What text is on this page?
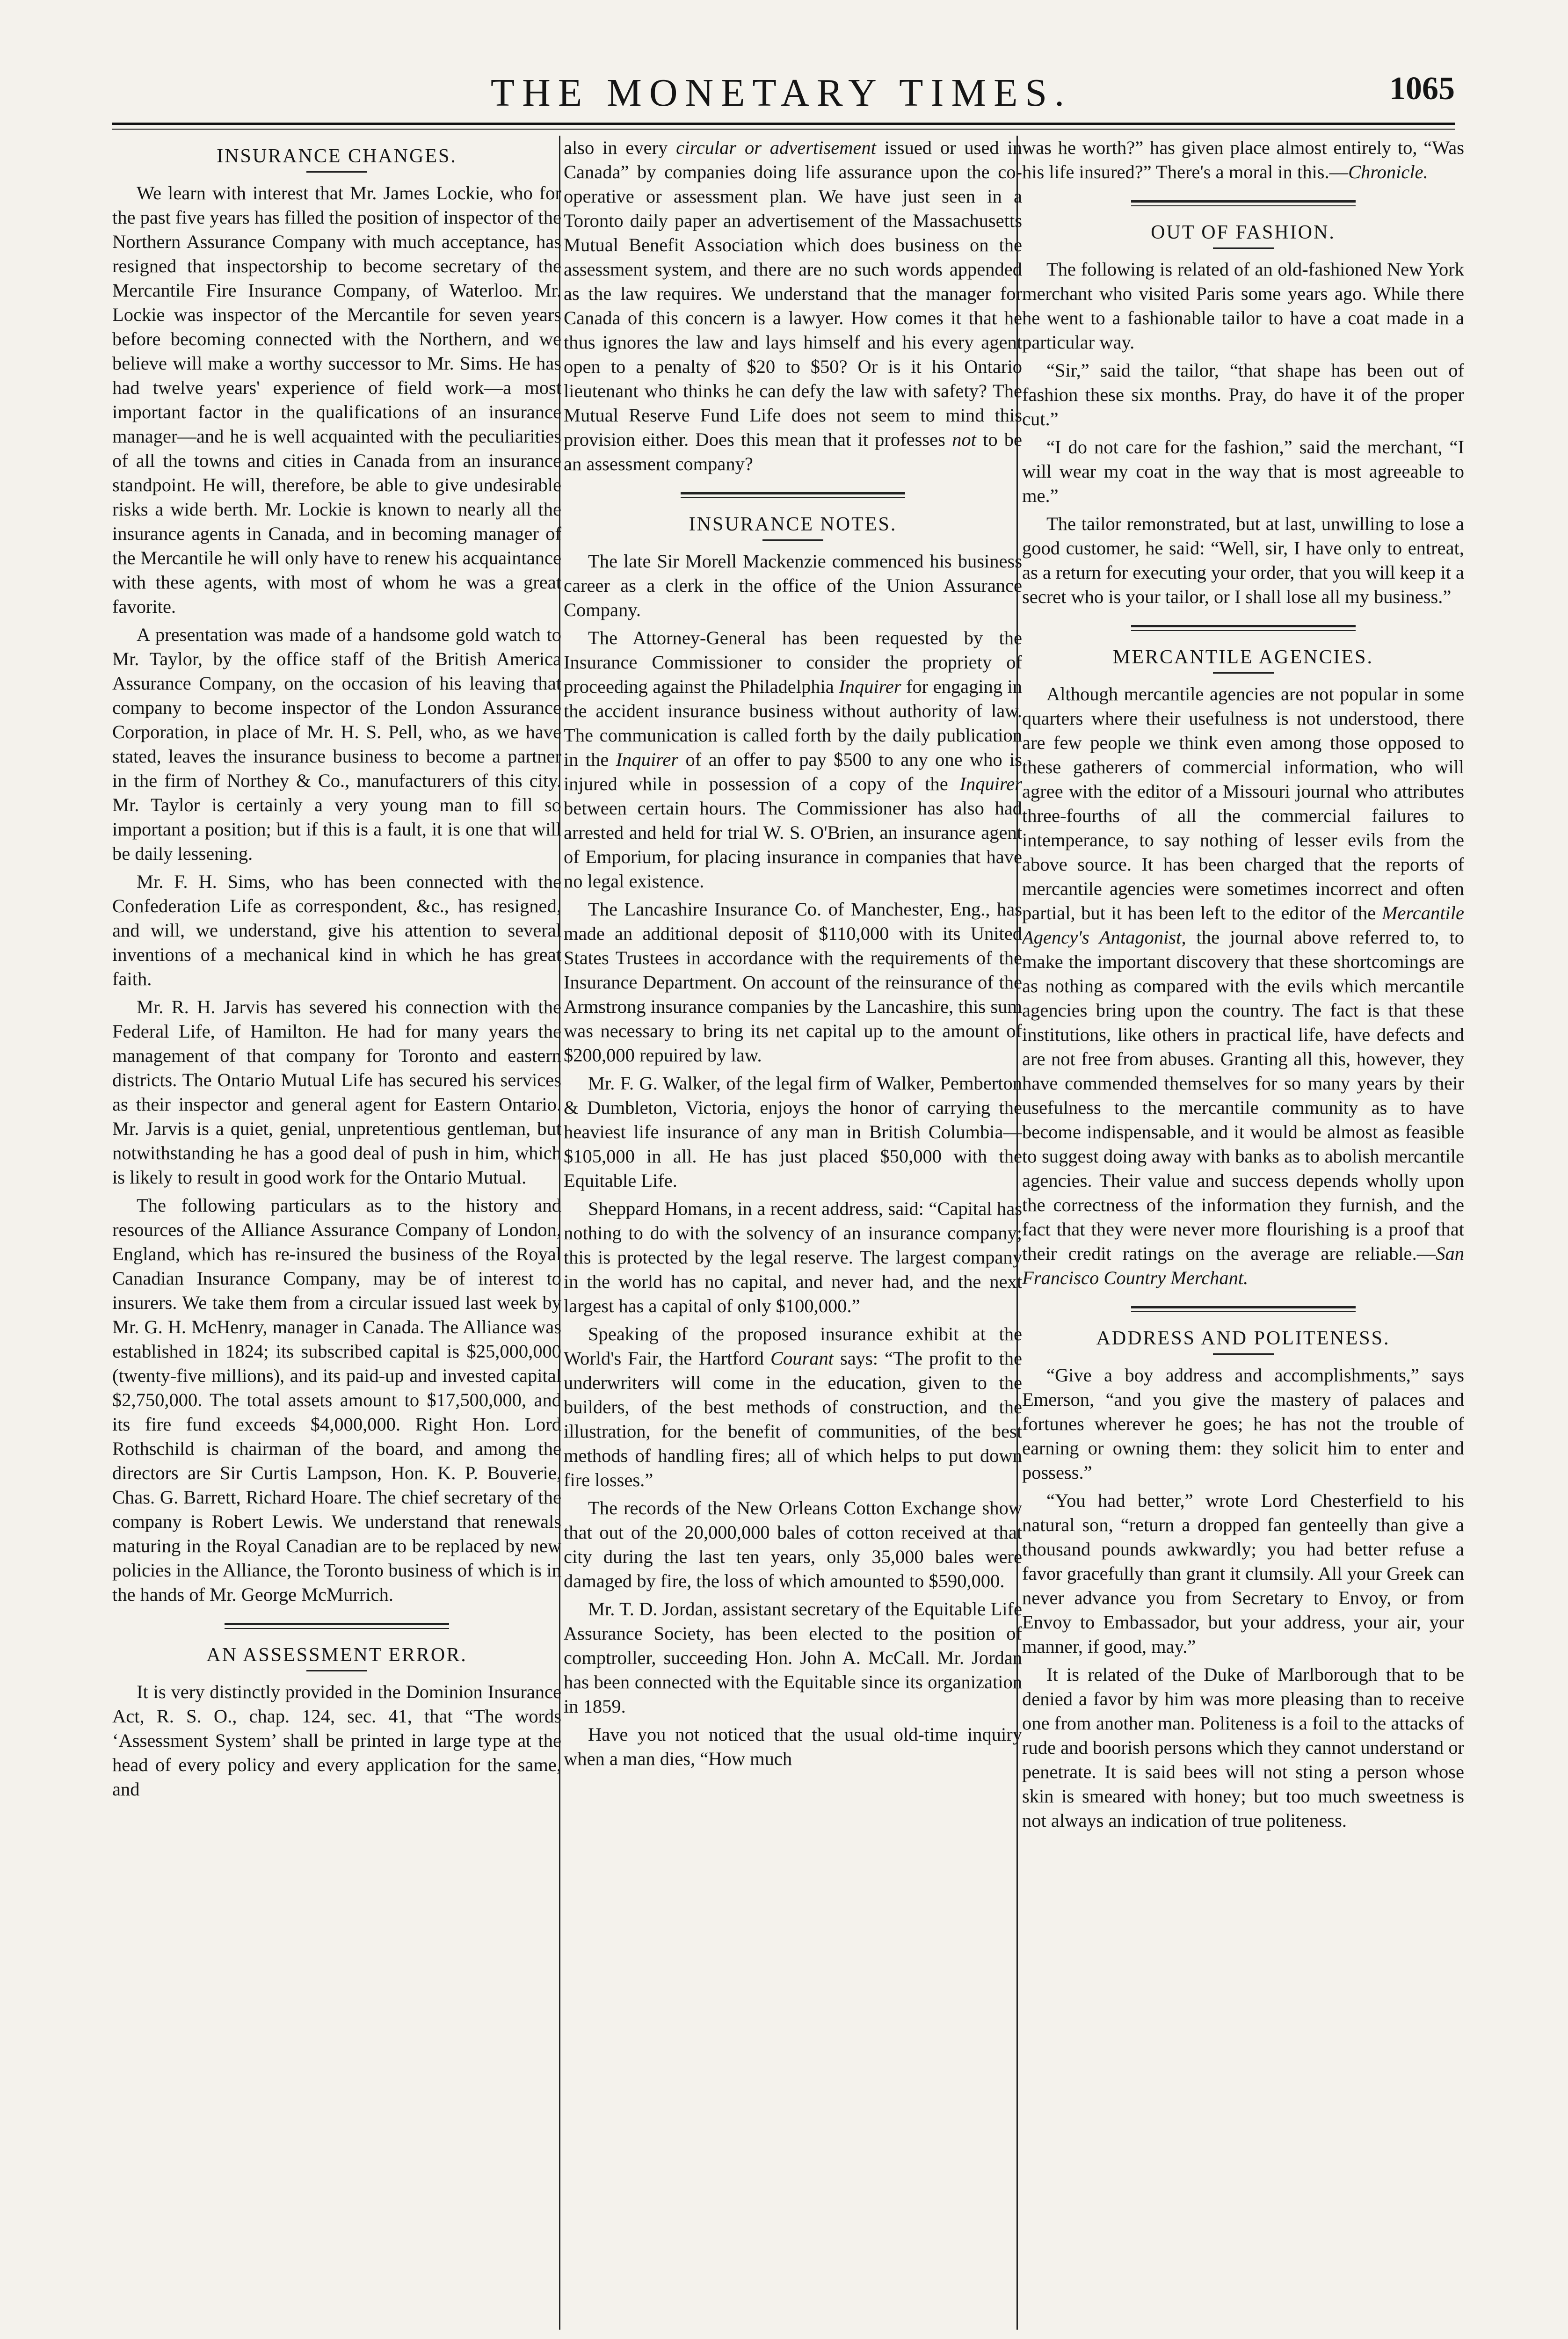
THE MONETARY TIMES.	1065
INSURANCE CHANGES.

We learn with interest that Mr. James Lockie, who for the past five years has filled the position of inspector of the Northern Assurance Company with much acceptance, has resigned that inspectorship to become secretary of the Mercantile Fire Insurance Company, of Waterloo. Mr. Lockie was inspector of the Mercantile for seven years before becoming connected with the Northern, and we believe will make a worthy successor to Mr. Sims. He has had twelve years' experience of field work—a most important factor in the qualifications of an insurance manager—and he is well acquainted with the peculiarities of all the towns and cities in Canada from an insurance standpoint. He will, therefore, be able to give undesirable risks a wide berth. Mr. Lockie is known to nearly all the insurance agents in Canada, and in becoming manager of the Mercantile he will only have to renew his acquaintance with these agents, with most of whom he was a great favorite.

A presentation was made of a handsome gold watch to Mr. Taylor, by the office staff of the British America Assurance Company, on the occasion of his leaving that company to become inspector of the London Assurance Corporation, in place of Mr. H. S. Pell, who, as we have stated, leaves the insurance business to become a partner in the firm of Northey & Co., manufacturers of this city. Mr. Taylor is certainly a very young man to fill so important a position; but if this is a fault, it is one that will be daily lessening.

Mr. F. H. Sims, who has been connected with the Confederation Life as correspondent, &c., has resigned, and will, we understand, give his attention to several inventions of a mechanical kind in which he has great faith.

Mr. R. H. Jarvis has severed his connection with the Federal Life, of Hamilton. He had for many years the management of that company for Toronto and eastern districts. The Ontario Mutual Life has secured his services as their inspector and general agent for Eastern Ontario. Mr. Jarvis is a quiet, genial, unpretentious gentleman, but notwithstanding he has a good deal of push in him, which is likely to result in good work for the Ontario Mutual.

The following particulars as to the history and resources of the Alliance Assurance Company of London, England, which has re-insured the business of the Royal Canadian Insurance Company, may be of interest to insurers. We take them from a circular issued last week by Mr. G. H. McHenry, manager in Canada. The Alliance was established in 1824; its subscribed capital is $25,000,000 (twenty-five millions), and its paid-up and invested capital $2,750,000. The total assets amount to $17,500,000, and its fire fund exceeds $4,000,000. Right Hon. Lord Rothschild is chairman of the board, and among the directors are Sir Curtis Lampson, Hon. K. P. Bouverie, Chas. G. Barrett, Richard Hoare. The chief secretary of the company is Robert Lewis. We understand that renewals maturing in the Royal Canadian are to be replaced by new policies in the Alliance, the Toronto business of which is in the hands of Mr. George McMurrich.

AN ASSESSMENT ERROR.

It is very distinctly provided in the Dominion Insurance Act, R. S. O., chap. 124, sec. 41, that “The words ‘Assessment System’ shall be printed in large type at the head of every policy and every application for the same, and

also in every circular or advertisement issued or used in Canada” by companies doing life assurance upon the co-operative or assessment plan. We have just seen in a Toronto daily paper an advertisement of the Massachusetts Mutual Benefit Association which does business on the assessment system, and there are no such words appended as the law requires. We understand that the manager for Canada of this concern is a lawyer. How comes it that he thus ignores the law and lays himself and his every agent open to a penalty of $20 to $50? Or is it his Ontario lieutenant who thinks he can defy the law with safety? The Mutual Reserve Fund Life does not seem to mind this provision either. Does this mean that it professes not to be an assessment company?

INSURANCE NOTES.

The late Sir Morell Mackenzie commenced his business career as a clerk in the office of the Union Assurance Company.

The Attorney-General has been requested by the Insurance Commissioner to consider the propriety of proceeding against the Philadelphia Inquirer for engaging in the accident insurance business without authority of law. The communication is called forth by the daily publication in the Inquirer of an offer to pay $500 to any one who is injured while in possession of a copy of the Inquirer between certain hours. The Commissioner has also had arrested and held for trial W. S. O'Brien, an insurance agent of Emporium, for placing insurance in companies that have no legal existence.

The Lancashire Insurance Co. of Manchester, Eng., has made an additional deposit of $110,000 with its United States Trustees in accordance with the requirements of the Insurance Department. On account of the reinsurance of the Armstrong insurance companies by the Lancashire, this sum was necessary to bring its net capital up to the amount of $200,000 repuired by law.

Mr. F. G. Walker, of the legal firm of Walker, Pemberton & Dumbleton, Victoria, enjoys the honor of carrying the heaviest life insurance of any man in British Columbia—$105,000 in all. He has just placed $50,000 with the Equitable Life.

Sheppard Homans, in a recent address, said: “Capital has nothing to do with the solvency of an insurance company; this is protected by the legal reserve. The largest company in the world has no capital, and never had, and the next largest has a capital of only $100,000.”

Speaking of the proposed insurance exhibit at the World's Fair, the Hartford Courant says: “The profit to the underwriters will come in the education, given to the builders, of the best methods of construction, and the illustration, for the benefit of communities, of the best methods of handling fires; all of which helps to put down fire losses.”

The records of the New Orleans Cotton Exchange show that out of the 20,000,000 bales of cotton received at that city during the last ten years, only 35,000 bales were damaged by fire, the loss of which amounted to $590,000.

Mr. T. D. Jordan, assistant secretary of the Equitable Life Assurance Society, has been elected to the position of comptroller, succeeding Hon. John A. McCall. Mr. Jordan has been connected with the Equitable since its organization in 1859.

Have you not noticed that the usual old-time inquiry when a man dies, “How much

was he worth?” has given place almost entirely to, “Was his life insured?” There's a moral in this.—Chronicle.

OUT OF FASHION.

The following is related of an old-fashioned New York merchant who visited Paris some years ago. While there he went to a fashionable tailor to have a coat made in a particular way.

“Sir,” said the tailor, “that shape has been out of fashion these six months. Pray, do have it of the proper cut.”

“I do not care for the fashion,” said the merchant, “I will wear my coat in the way that is most agreeable to me.”

The tailor remonstrated, but at last, unwilling to lose a good customer, he said: “Well, sir, I have only to entreat, as a return for executing your order, that you will keep it a secret who is your tailor, or I shall lose all my business.”

MERCANTILE AGENCIES.

Although mercantile agencies are not popular in some quarters where their usefulness is not understood, there are few people we think even among those opposed to these gatherers of commercial information, who will agree with the editor of a Missouri journal who attributes three-fourths of all the commercial failures to intemperance, to say nothing of lesser evils from the above source. It has been charged that the reports of mercantile agencies were sometimes incorrect and often partial, but it has been left to the editor of the Mercantile Agency's Antagonist, the journal above referred to, to make the important discovery that these shortcomings are as nothing as compared with the evils which mercantile agencies bring upon the country. The fact is that these institutions, like others in practical life, have defects and are not free from abuses. Granting all this, however, they have commended themselves for so many years by their usefulness to the mercantile community as to have become indispensable, and it would be almost as feasible to suggest doing away with banks as to abolish mercantile agencies. Their value and success depends wholly upon the correctness of the information they furnish, and the fact that they were never more flourishing is a proof that their credit ratings on the average are reliable.—San Francisco Country Merchant.

ADDRESS AND POLITENESS.

“Give a boy address and accomplishments,” says Emerson, “and you give the mastery of palaces and fortunes wherever he goes; he has not the trouble of earning or owning them: they solicit him to enter and possess.”

“You had better,” wrote Lord Chesterfield to his natural son, “return a dropped fan genteelly than give a thousand pounds awkwardly; you had better refuse a favor gracefully than grant it clumsily. All your Greek can never advance you from Secretary to Envoy, or from Envoy to Embassador, but your address, your air, your manner, if good, may.”

It is related of the Duke of Marlborough that to be denied a favor by him was more pleasing than to receive one from another man. Politeness is a foil to the attacks of rude and boorish persons which they cannot understand or penetrate. It is said bees will not sting a person whose skin is smeared with honey; but too much sweetness is not always an indication of true politeness.
